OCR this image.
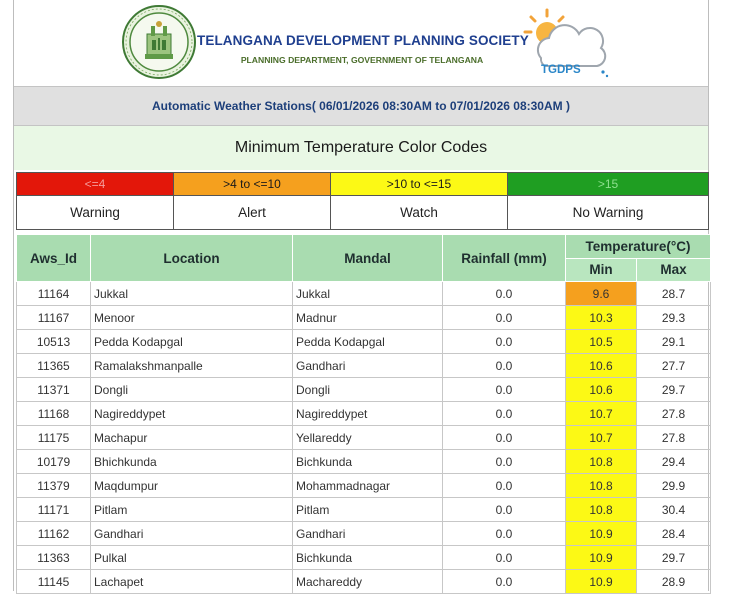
TELANGANA DEVELOPMENT PLANNING SOCIETY
PLANNING DEPARTMENT, GOVERNMENT OF TELANGANA
TGDPS
Automatic Weather Stations( 06/01/2026 08:30AM to 07/01/2026 08:30AM )
Minimum Temperature Color Codes
<=4	>4 to <=10	>10 to <=15	>15
Warning	Alert	Watch	No Warning
Aws_Id	Location	Mandal	Rainfall (mm)	Temperature(°C)	
				Min	Max
11164	Jukkal	Jukkal	0.0	9.6	28.7
11167	Menoor	Madnur	0.0	10.3	29.3
10513	Pedda Kodapgal	Pedda Kodapgal	0.0	10.5	29.1
11365	Ramalakshmanpalle	Gandhari	0.0	10.6	27.7
11371	Dongli	Dongli	0.0	10.6	29.7
11168	Nagireddypet	Nagireddypet	0.0	10.7	27.8
11175	Machapur	Yellareddy	0.0	10.7	27.8
10179	Bhichkunda	Bichkunda	0.0	10.8	29.4
11379	Maqdumpur	Mohammadnagar	0.0	10.8	29.9
11171	Pitlam	Pitlam	0.0	10.8	30.4
11162	Gandhari	Gandhari	0.0	10.9	28.4
11363	Pulkal	Bichkunda	0.0	10.9	29.7
11145	Lachapet	Machareddy	0.0	10.9	28.9
